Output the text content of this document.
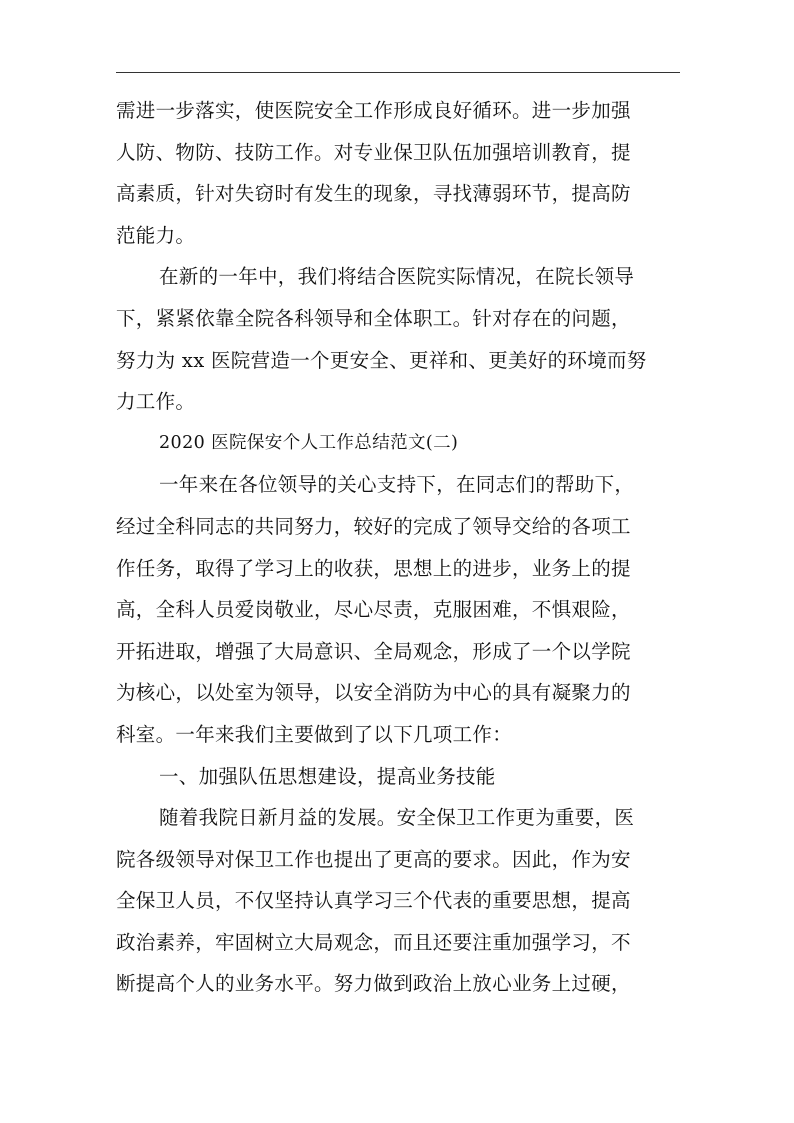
需进一步落实，使医院安全工作形成良好循环。进一步加强
人防、物防、技防工作。对专业保卫队伍加强培训教育，提
高素质，针对失窃时有发生的现象，寻找薄弱环节，提高防
范能力。
在新的一年中，我们将结合医院实际情况，在院长领导
下，紧紧依靠全院各科领导和全体职工。针对存在的问题，
努力为 xx 医院营造一个更安全、更祥和、更美好的环境而努
力工作。
2020 医院保安个人工作总结范文(二)
一年来在各位领导的关心支持下，在同志们的帮助下，
经过全科同志的共同努力，较好的完成了领导交给的各项工
作任务，取得了学习上的收获，思想上的进步，业务上的提
高，全科人员爱岗敬业，尽心尽责，克服困难，不惧艰险，
开拓进取，增强了大局意识、全局观念，形成了一个以学院
为核心，以处室为领导，以安全消防为中心的具有凝聚力的
科室。一年来我们主要做到了以下几项工作：
一、加强队伍思想建设，提高业务技能
随着我院日新月益的发展。安全保卫工作更为重要，医
院各级领导对保卫工作也提出了更高的要求。因此，作为安
全保卫人员，不仅坚持认真学习三个代表的重要思想，提高
政治素养，牢固树立大局观念，而且还要注重加强学习，不
断提高个人的业务水平。努力做到政治上放心业务上过硬，
